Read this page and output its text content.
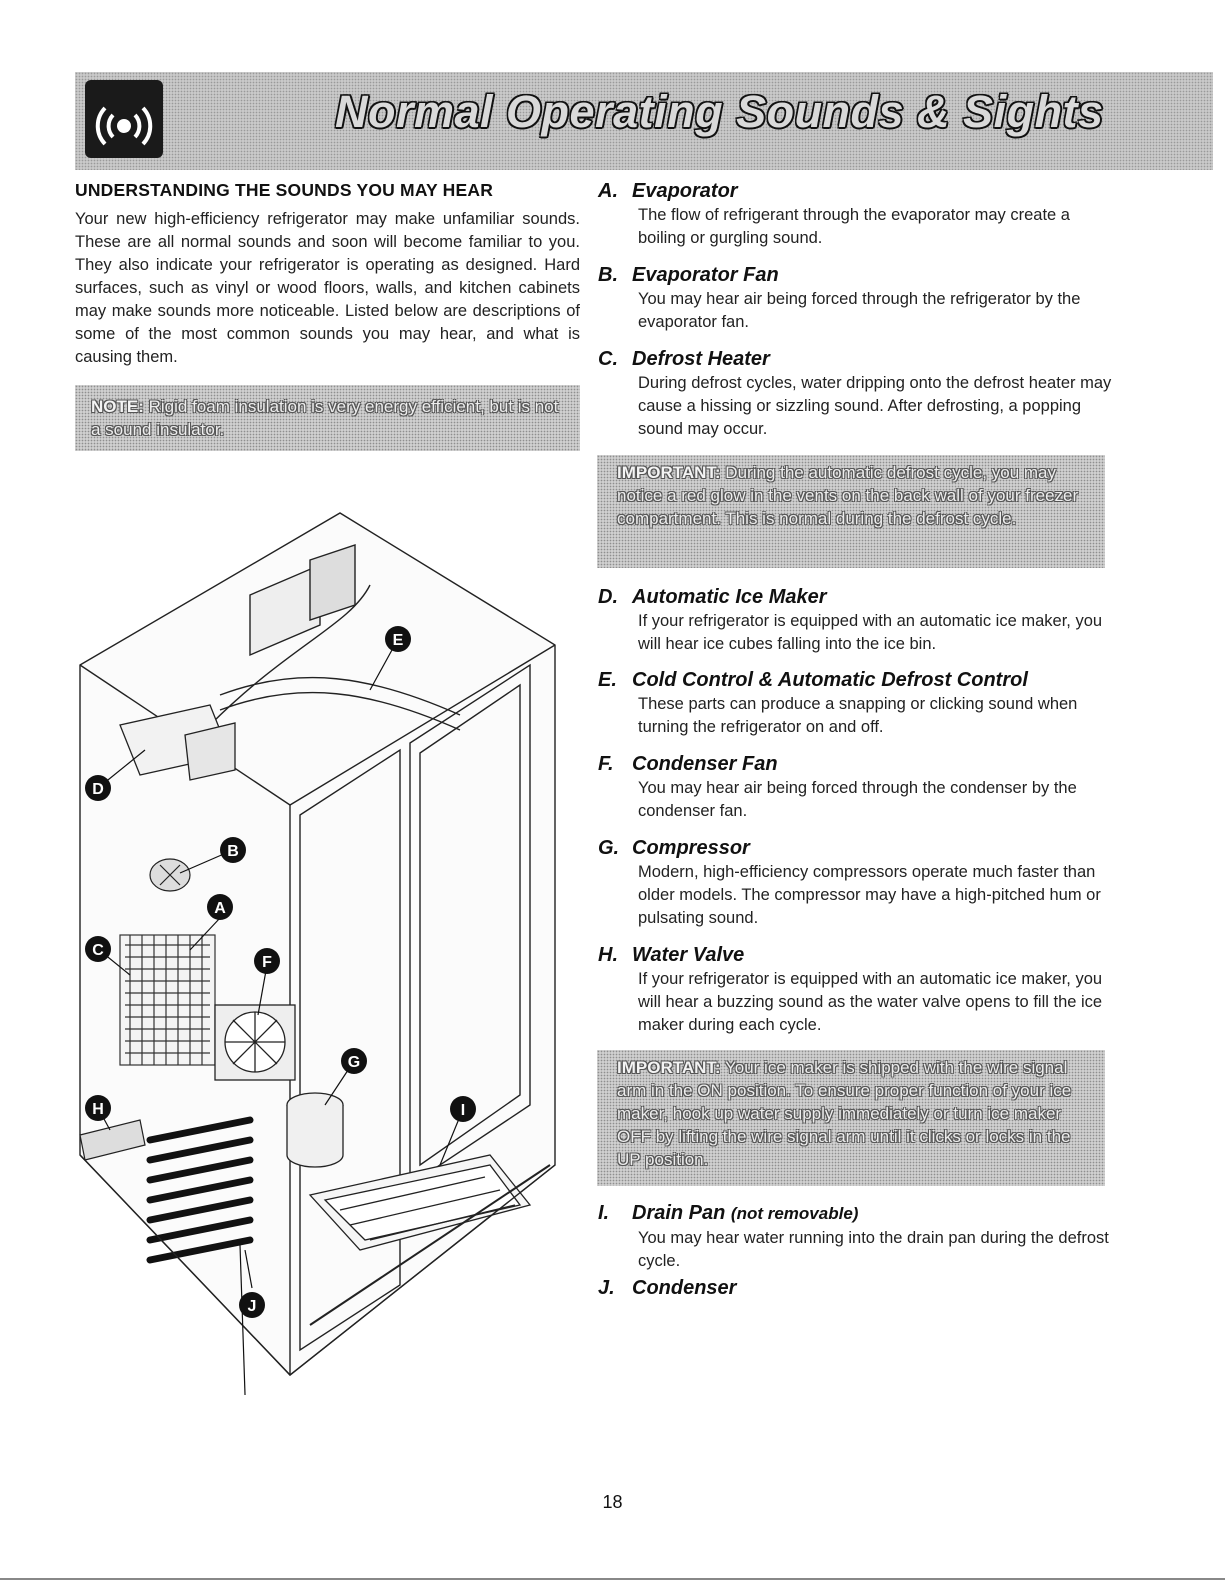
Normal Operating Sounds & Sights
UNDERSTANDING THE SOUNDS YOU MAY HEAR
Your new high-efficiency refrigerator may make unfamiliar sounds. These are all normal sounds and soon will become familiar to you. They also indicate your refrigerator is operating as designed. Hard surfaces, such as vinyl or wood floors, walls, and kitchen cabinets may make sounds more noticeable. Listed below are descriptions of some of the most common sounds you may hear, and what is causing them.
NOTE: Rigid foam insulation is very energy efficient, but is not a sound insulator.
E
D
B
A
C
F
G
I
H
J
A. Evaporator
The flow of refrigerant through the evaporator may create a boiling or gurgling sound.
B. Evaporator Fan
You may hear air being forced through the refrigerator by the evaporator fan.
C. Defrost Heater
During defrost cycles, water dripping onto the defrost heater may cause a hissing or sizzling sound. After defrosting, a popping sound may occur.
IMPORTANT: During the automatic defrost cycle, you may notice a red glow in the vents on the back wall of your freezer compartment. This is normal during the defrost cycle.
D. Automatic Ice Maker
If your refrigerator is equipped with an automatic ice maker, you will hear ice cubes falling into the ice bin.
E. Cold Control & Automatic Defrost Control
These parts can produce a snapping or clicking sound when turning the refrigerator on and off.
F. Condenser Fan
You may hear air being forced through the condenser by the condenser fan.
G. Compressor
Modern, high-efficiency compressors operate much faster than older models. The compressor may have a high-pitched hum or pulsating sound.
H. Water Valve
If your refrigerator is equipped with an automatic ice maker, you will hear a buzzing sound as the water valve opens to fill the ice maker during each cycle.
IMPORTANT: Your ice maker is shipped with the wire signal arm in the ON position. To ensure proper function of your ice maker, hook up water supply immediately or turn ice maker OFF by lifting the wire signal arm until it clicks or locks in the UP position.
I. Drain Pan (not removable)
You may hear water running into the drain pan during the defrost cycle.
J. Condenser
18
